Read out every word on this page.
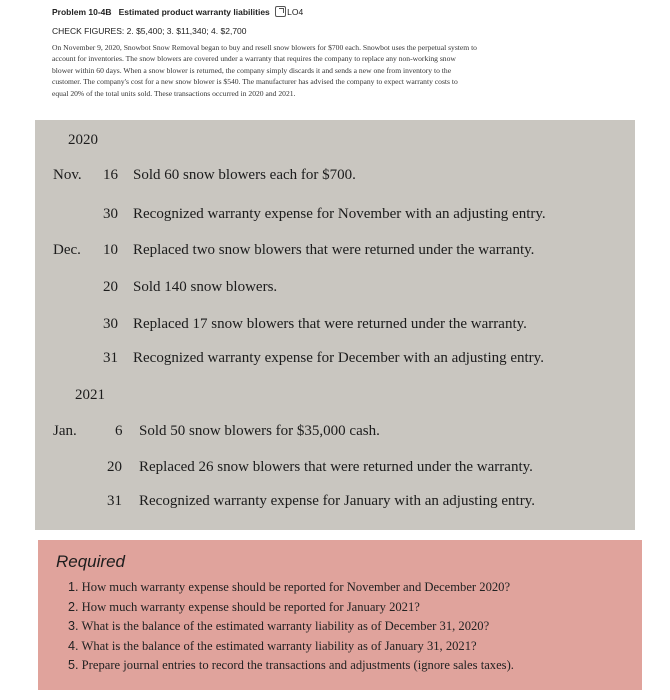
Problem 10-4B Estimated product warranty liabilities LO4
CHECK FIGURES: 2. $5,400; 3. $11,340; 4. $2,700

On November 9, 2020, Snowbot Snow Removal began to buy and resell snow blowers for $700 each. Snowbot uses the perpetual system to

account for inventories. The snow blowers are covered under a warranty that requires the company to replace any non-working snow

blower within 60 days. When a snow blower is returned, the company simply discards it and sends a new one from inventory to the

customer. The company's cost for a new snow blower is $540. The manufacturer has advised the company to expect warranty costs to

equal 20% of the total units sold. These transactions occurred in 2020 and 2021.

2020
Nov. 16 Sold 60 snow blowers each for $700.
30 Recognized warranty expense for November with an adjusting entry.
Dec. 10 Replaced two snow blowers that were returned under the warranty.
20 Sold 140 snow blowers.
30 Replaced 17 snow blowers that were returned under the warranty.
31 Recognized warranty expense for December with an adjusting entry.
2021
Jan.	6 Sold 50 snow blowers for $35,000 cash.
20 Replaced 26 snow blowers that were returned under the warranty.
31 Recognized warranty expense for January with an adjusting entry.
Required
1. How much warranty expense should be reported for November and December 2020?
2. How much warranty expense should be reported for January 2021?
3. What is the balance of the estimated warranty liability as of December 31, 2020?
4. What is the balance of the estimated warranty liability as of January 31, 2021?
5. Prepare journal entries to record the transactions and adjustments (ignore sales taxes).
